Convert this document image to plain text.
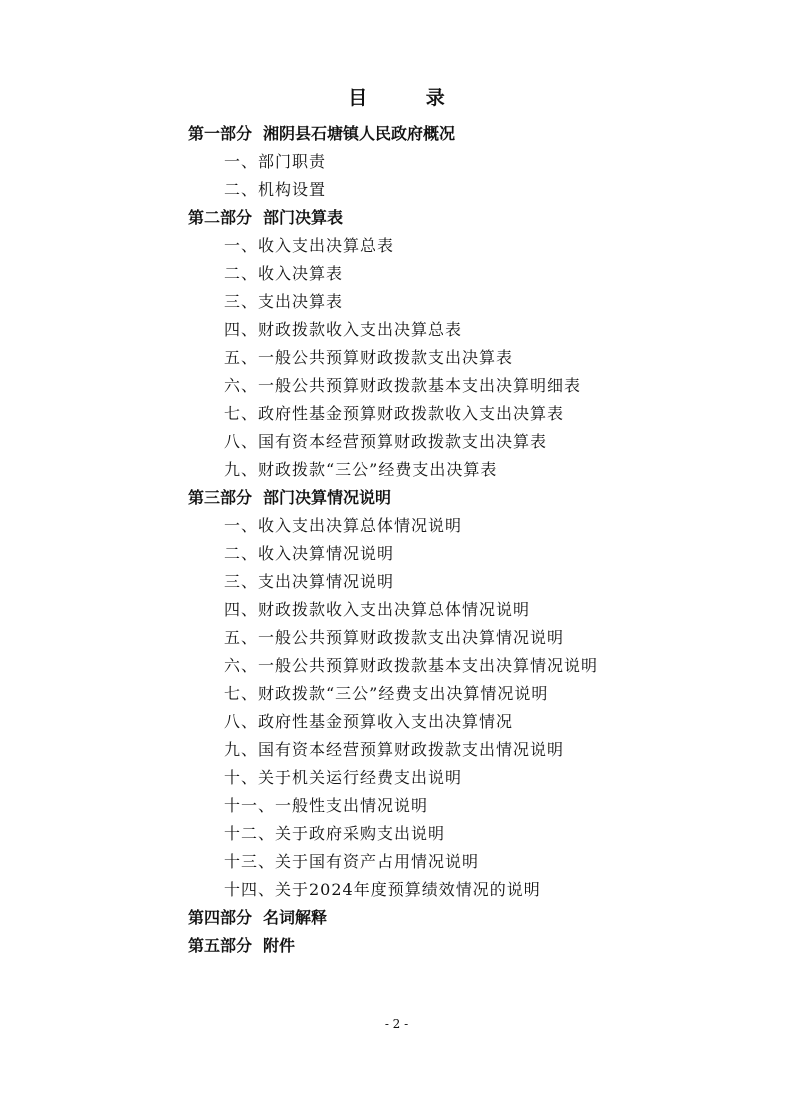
目 录
第一部分 湘阴县石塘镇人民政府概况
一、部门职责
二、机构设置
第二部分 部门决算表
一、收入支出决算总表
二、收入决算表
三、支出决算表
四、财政拨款收入支出决算总表
五、一般公共预算财政拨款支出决算表
六、一般公共预算财政拨款基本支出决算明细表
七、政府性基金预算财政拨款收入支出决算表
八、国有资本经营预算财政拨款支出决算表
九、财政拨款“三公”经费支出决算表
第三部分 部门决算情况说明
一、收入支出决算总体情况说明
二、收入决算情况说明
三、支出决算情况说明
四、财政拨款收入支出决算总体情况说明
五、一般公共预算财政拨款支出决算情况说明
六、一般公共预算财政拨款基本支出决算情况说明
七、财政拨款“三公”经费支出决算情况说明
八、政府性基金预算收入支出决算情况
九、国有资本经营预算财政拨款支出情况说明
十、关于机关运行经费支出说明
十一、一般性支出情况说明
十二、关于政府采购支出说明
十三、关于国有资产占用情况说明
十四、关于2024年度预算绩效情况的说明
第四部分 名词解释
第五部分 附件
- 2 -
